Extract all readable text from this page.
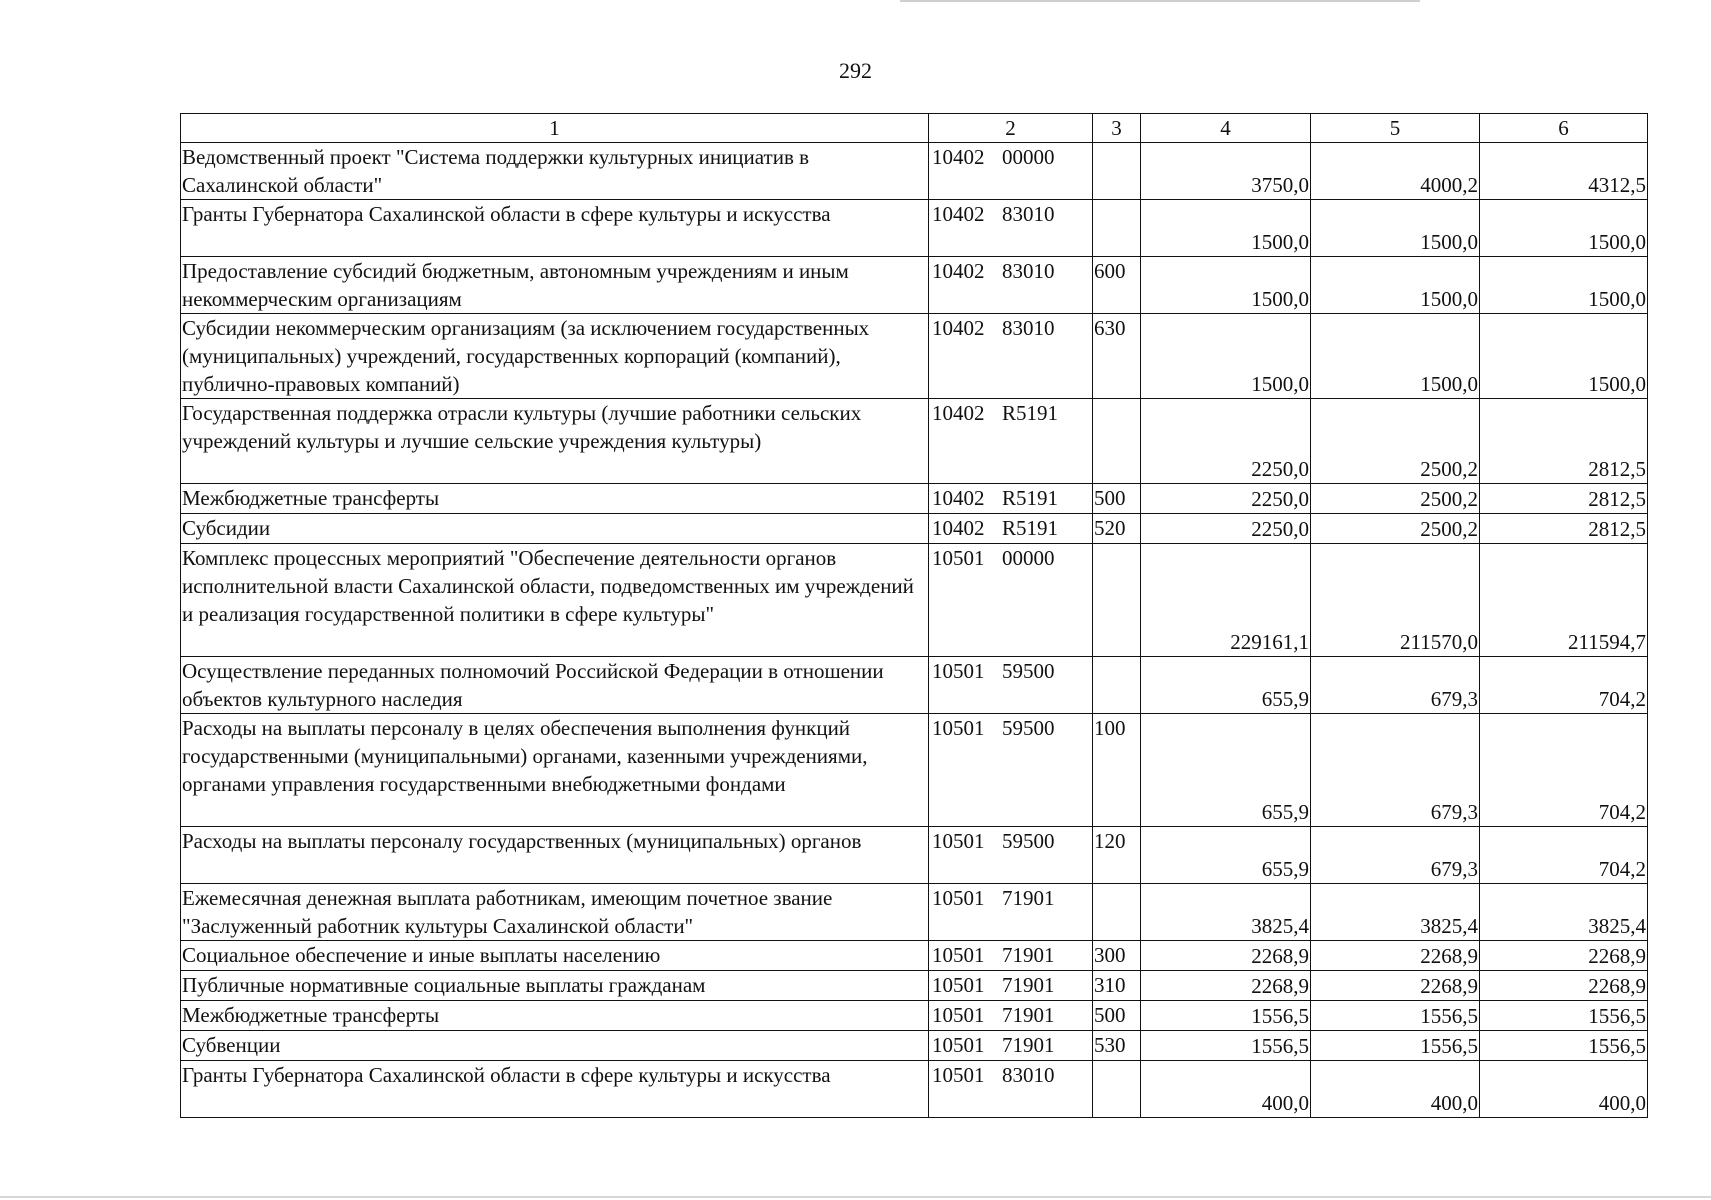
292
1	2	3	4	5	6
Ведомственный проект "Система поддержки культурных инициатив в Сахалинской области"	10402 00000		3750,0	4000,2	4312,5
Гранты Губернатора Сахалинской области в сфере культуры и искусства	10402 83010		1500,0	1500,0	1500,0
Предоставление субсидий бюджетным, автономным учреждениям и иным некоммерческим организациям	10402 83010	600	1500,0	1500,0	1500,0
Субсидии некоммерческим организациям (за исключением государственных (муниципальных) учреждений, государственных корпораций (компаний), публично-правовых компаний)	10402 83010	630	1500,0	1500,0	1500,0
Государственная поддержка отрасли культуры (лучшие работники сельских учреждений культуры и лучшие сельские учреждения культуры)	10402 R5191		2250,0	2500,2	2812,5
Межбюджетные трансферты	10402 R5191	500	2250,0	2500,2	2812,5
Субсидии	10402 R5191	520	2250,0	2500,2	2812,5
Комплекс процессных мероприятий "Обеспечение деятельности органов исполнительной власти Сахалинской области, подведомственных им учреждений и реализация государственной политики в сфере культуры"	10501 00000		229161,1	211570,0	211594,7
Осуществление переданных полномочий Российской Федерации в отношении объектов культурного наследия	10501 59500		655,9	679,3	704,2
Расходы на выплаты персоналу в целях обеспечения выполнения функций государственными (муниципальными) органами, казенными учреждениями, органами управления государственными внебюджетными фондами	10501 59500	100	655,9	679,3	704,2
Расходы на выплаты персоналу государственных (муниципальных) органов	10501 59500	120	655,9	679,3	704,2
Ежемесячная денежная выплата работникам, имеющим почетное звание "Заслуженный работник культуры Сахалинской области"	10501 71901		3825,4	3825,4	3825,4
Социальное обеспечение и иные выплаты населению	10501 71901	300	2268,9	2268,9	2268,9
Публичные нормативные социальные выплаты гражданам	10501 71901	310	2268,9	2268,9	2268,9
Межбюджетные трансферты	10501 71901	500	1556,5	1556,5	1556,5
Субвенции	10501 71901	530	1556,5	1556,5	1556,5
Гранты Губернатора Сахалинской области в сфере культуры и искусства	10501 83010		400,0	400,0	400,0
